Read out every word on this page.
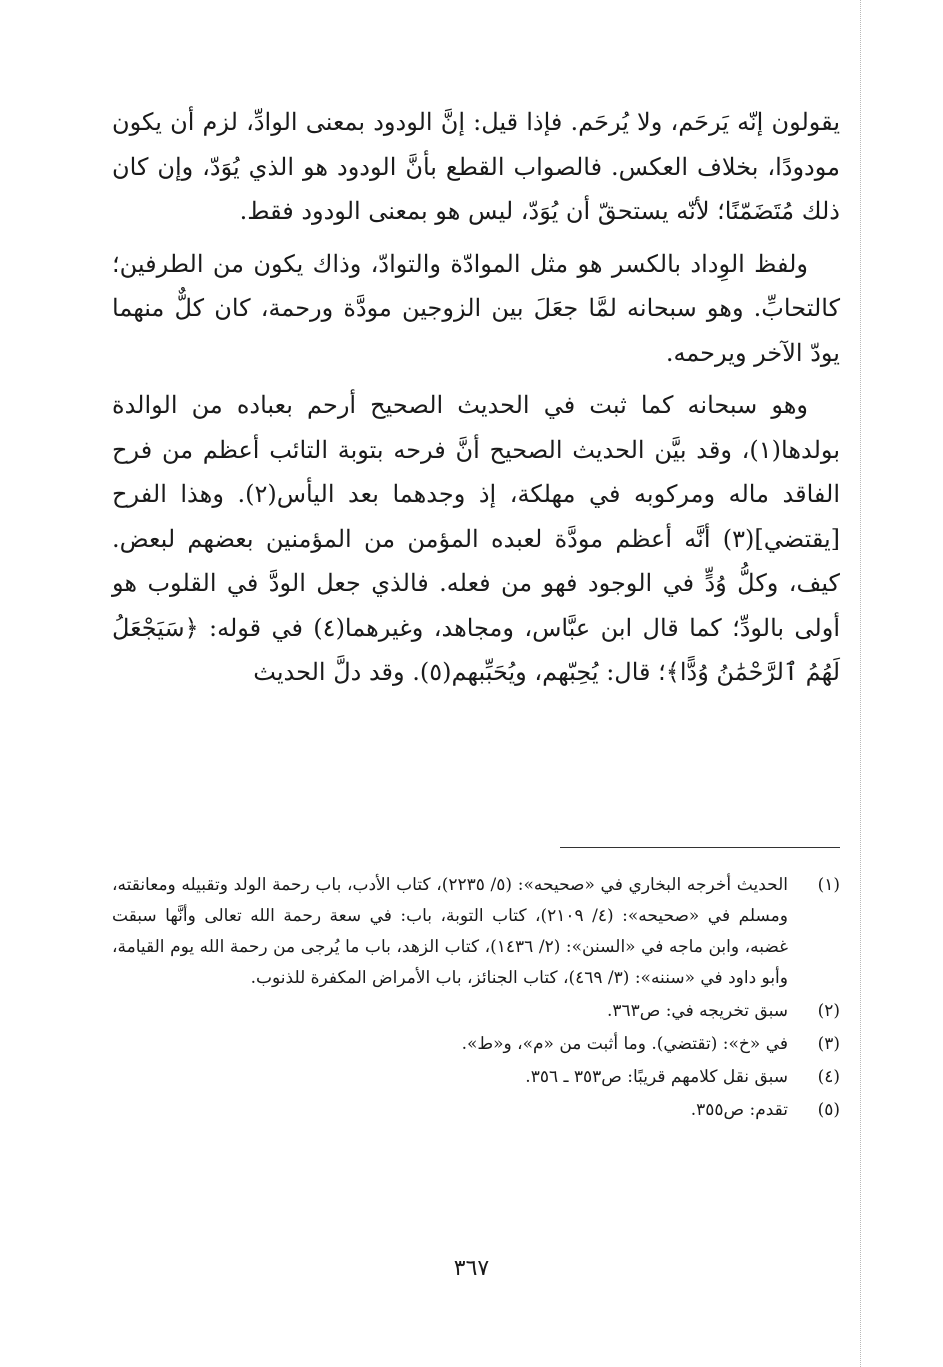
يقولون إنّه يَرحَم، ولا يُرحَم. فإذا قيل: إنَّ الودود بمعنى الوادِّ، لزم أن يكون مودودًا، بخلاف العكس. فالصواب القطع بأنَّ الودود هو الذي يُوَدّ، وإن كان ذلك مُتَضَمّنًا؛ لأنّه يستحقّ أن يُوَدّ، ليس هو بمعنى الودود فقط.

ولفظ الوِداد بالكسر هو مثل الموادّة والتوادّ، وذاك يكون من الطرفين؛ كالتحابِّ. وهو سبحانه لمَّا جعَلَ بين الزوجين مودَّة ورحمة، كان كلٌّ منهما يودّ الآخر ويرحمه.

وهو سبحانه كما ثبت في الحديث الصحيح أرحم بعباده من الوالدة بولدها(١)، وقد بيَّن الحديث الصحيح أنَّ فرحه بتوبة التائب أعظم من فرح الفاقد ماله ومركوبه في مهلكة، إذ وجدهما بعد اليأس(٢). وهذا الفرح [يقتضي](٣) أنَّه أعظم مودَّة لعبده المؤمن من المؤمنين بعضهم لبعض. كيف، وكلُّ وُدٍّ في الوجود فهو من فعله. فالذي جعل الودَّ في القلوب هو أولى بالودِّ؛ كما قال ابن عبَّاس، ومجاهد، وغيرهما(٤) في قوله: ﴿سَيَجْعَلُ لَهُمُ ٱلرَّحْمَٰنُ وُدًّا﴾؛ قال: يُحِبّهم، ويُحَبِّبهم(٥). وقد دلَّ الحديث

(١)
الحديث أخرجه البخاري في «صحيحه»: (٥/ ٢٢٣٥)، كتاب الأدب، باب رحمة الولد وتقبيله ومعانقته، ومسلم في «صحيحه»: (٤/ ٢١٠٩)، كتاب التوبة، باب: في سعة رحمة الله تعالى وأنَّها سبقت غضبه، وابن ماجه في «السنن»: (٢/ ١٤٣٦)، كتاب الزهد، باب ما يُرجى من رحمة الله يوم القيامة، وأبو داود في «سننه»: (٣/ ٤٦٩)، كتاب الجنائز، باب الأمراض المكفرة للذنوب.
(٢)
سبق تخريجه في: ص٣٦٣.
(٣)
في «خ»: (تقتضي). وما أثبت من «م»، و«ط».
(٤)
سبق نقل كلامهم قريبًا: ص٣٥٣ ـ ٣٥٦.
(٥)
تقدم: ص٣٥٥.
٣٦٧
